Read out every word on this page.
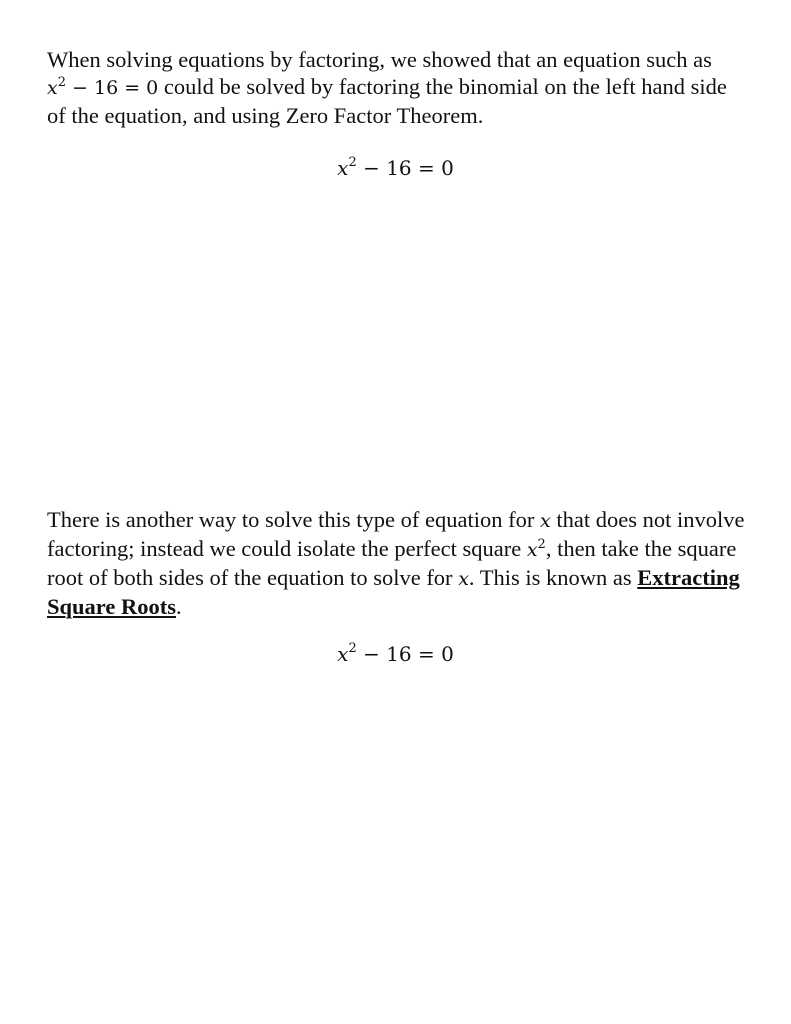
When solving equations by factoring, we showed that an equation such as
$x^2 - 16 = 0$ could be solved by factoring the binomial on the left hand side of the equation, and using Zero Factor Theorem.

$x^2 - 16 = 0$

There is another way to solve this type of equation for x that does not involve factoring; instead we could isolate the perfect square $x^2$, then take the square root of both sides of the equation to solve for x. This is known as Extracting Square Roots.

$x^2 - 16 = 0$
